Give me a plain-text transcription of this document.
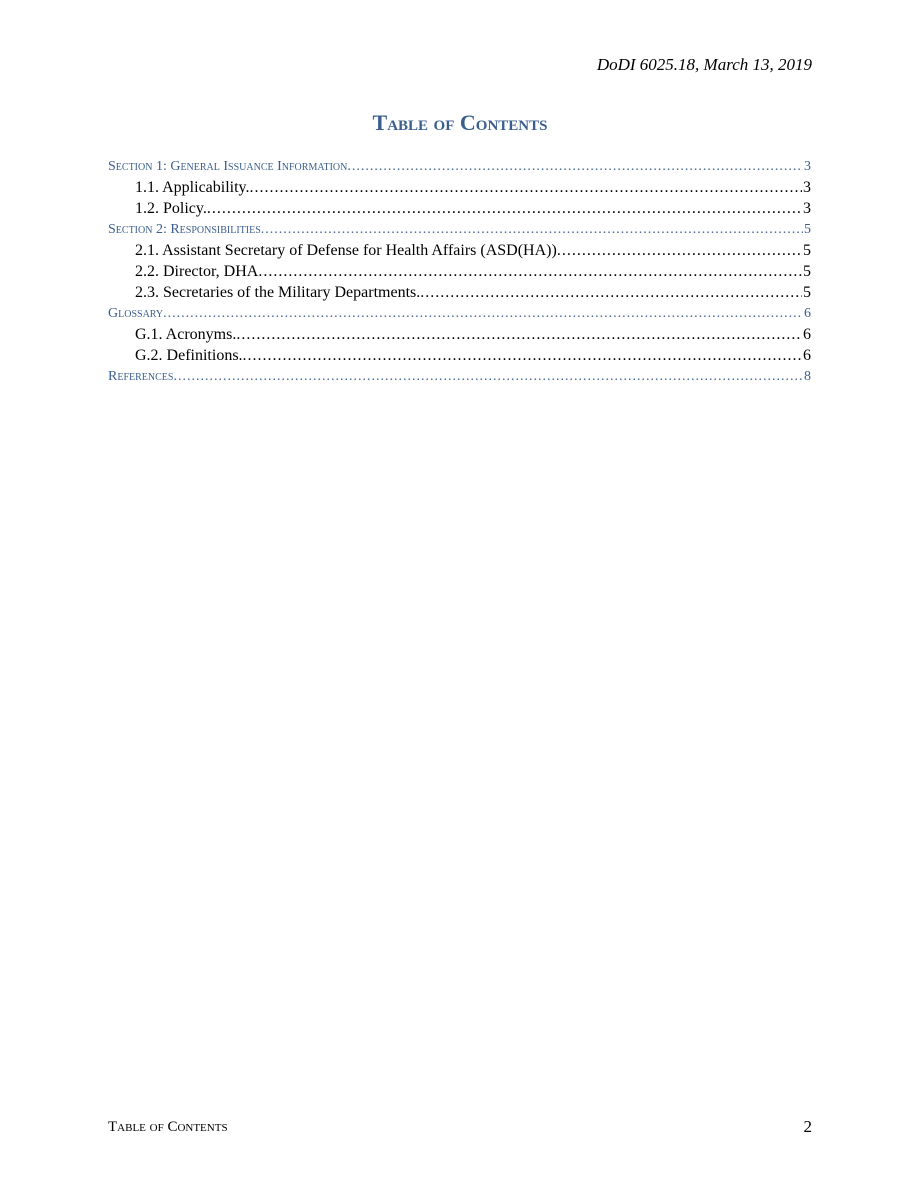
DoDI 6025.18, March 13, 2019
Table of Contents
Section 1: General Issuance Information .....	3
1.1. Applicability. .....	3
1.2. Policy. .....	3
Section 2: Responsibilities .....	5
2.1. Assistant Secretary of Defense for Health Affairs (ASD(HA)) .....	5
2.2. Director, DHA .....	5
2.3. Secretaries of the Military Departments. .....	5
Glossary .....	6
G.1. Acronyms. .....	6
G.2. Definitions. .....	6
References .....	8
Table of Contents	2
